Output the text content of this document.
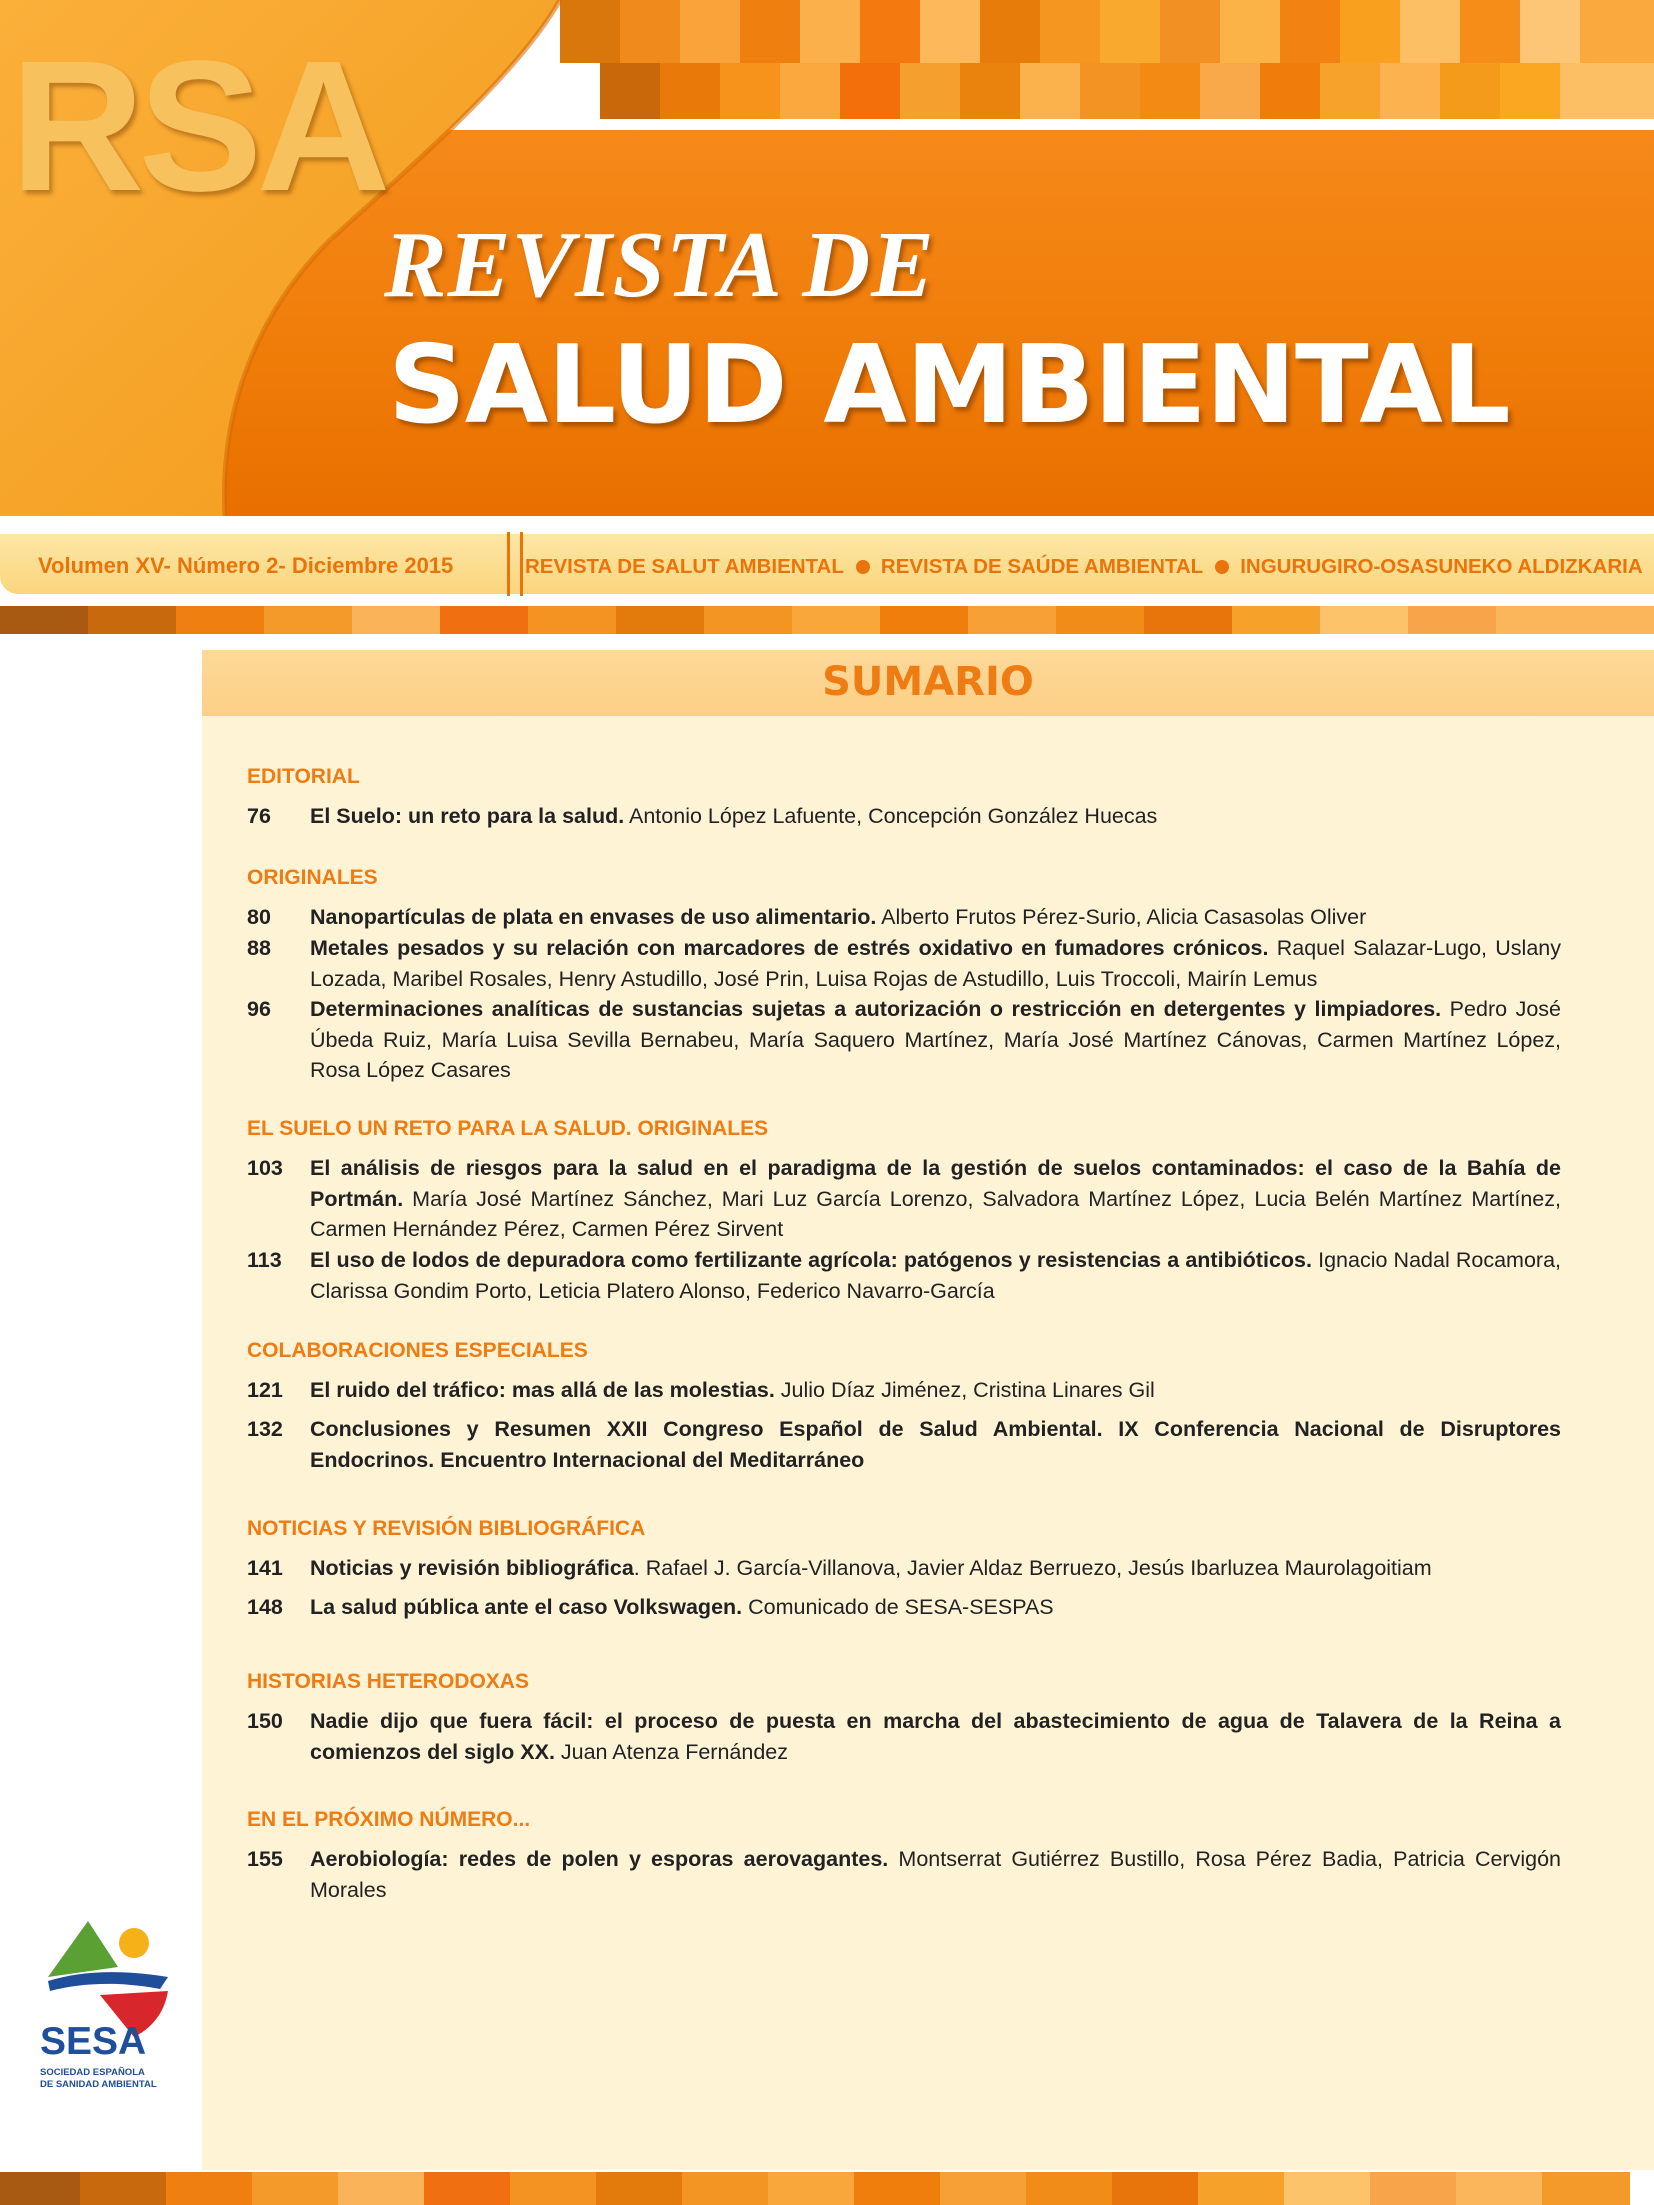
RSA
REVISTA DE
SALUD AMBIENTAL
Volumen XV- Número 2- Diciembre 2015	REVISTA DE SALUT AMBIENTAL REVISTA DE SAÚDE AMBIENTAL INGURUGIRO-OSASUNEKO ALDIZKARIA
SUMARIO
EDITORIAL
76 El Suelo: un reto para la salud. Antonio López Lafuente, Concepción González Huecas
ORIGINALES
80 Nanopartículas de plata en envases de uso alimentario. Alberto Frutos Pérez-Surio, Alicia Casasolas Oliver
88 Metales pesados y su relación con marcadores de estrés oxidativo en fumadores crónicos. Raquel Salazar-Lugo, Uslany Lozada, Maribel Rosales, Henry Astudillo, José Prin, Luisa Rojas de Astudillo, Luis Troccoli, Mairín Lemus
96 Determinaciones analíticas de sustancias sujetas a autorización o restricción en detergentes y limpiadores. Pedro José Úbeda Ruiz, María Luisa Sevilla Bernabeu, María Saquero Martínez, María José Martínez Cánovas, Carmen Martínez López, Rosa López Casares
EL SUELO UN RETO PARA LA SALUD. ORIGINALES
103 El análisis de riesgos para la salud en el paradigma de la gestión de suelos contaminados: el caso de la Bahía de Portmán. María José Martínez Sánchez, Mari Luz García Lorenzo, Salvadora Martínez López, Lucia Belén Martínez Martínez, Carmen Hernández Pérez, Carmen Pérez Sirvent
113 El uso de lodos de depuradora como fertilizante agrícola: patógenos y resistencias a antibióticos. Ignacio Nadal Rocamora, Clarissa Gondim Porto, Leticia Platero Alonso, Federico Navarro-García
COLABORACIONES ESPECIALES
121 El ruido del tráfico: mas allá de las molestias. Julio Díaz Jiménez, Cristina Linares Gil
132 Conclusiones y Resumen XXII Congreso Español de Salud Ambiental. IX Conferencia Nacional de Disruptores Endocrinos. Encuentro Internacional del Meditarráneo
NOTICIAS Y REVISIÓN BIBLIOGRÁFICA
141 Noticias y revisión bibliográfica. Rafael J. García-Villanova, Javier Aldaz Berruezo, Jesús Ibarluzea Maurolagoitiam
148 La salud pública ante el caso Volkswagen. Comunicado de SESA-SESPAS
HISTORIAS HETERODOXAS
150 Nadie dijo que fuera fácil: el proceso de puesta en marcha del abastecimiento de agua de Talavera de la Reina a comienzos del siglo XX. Juan Atenza Fernández
EN EL PRÓXIMO NÚMERO...
155 Aerobiología: redes de polen y esporas aerovagantes. Montserrat Gutiérrez Bustillo, Rosa Pérez Badia, Patricia Cervigón Morales
SESA
SOCIEDAD ESPAÑOLA
DE SANIDAD AMBIENTAL
